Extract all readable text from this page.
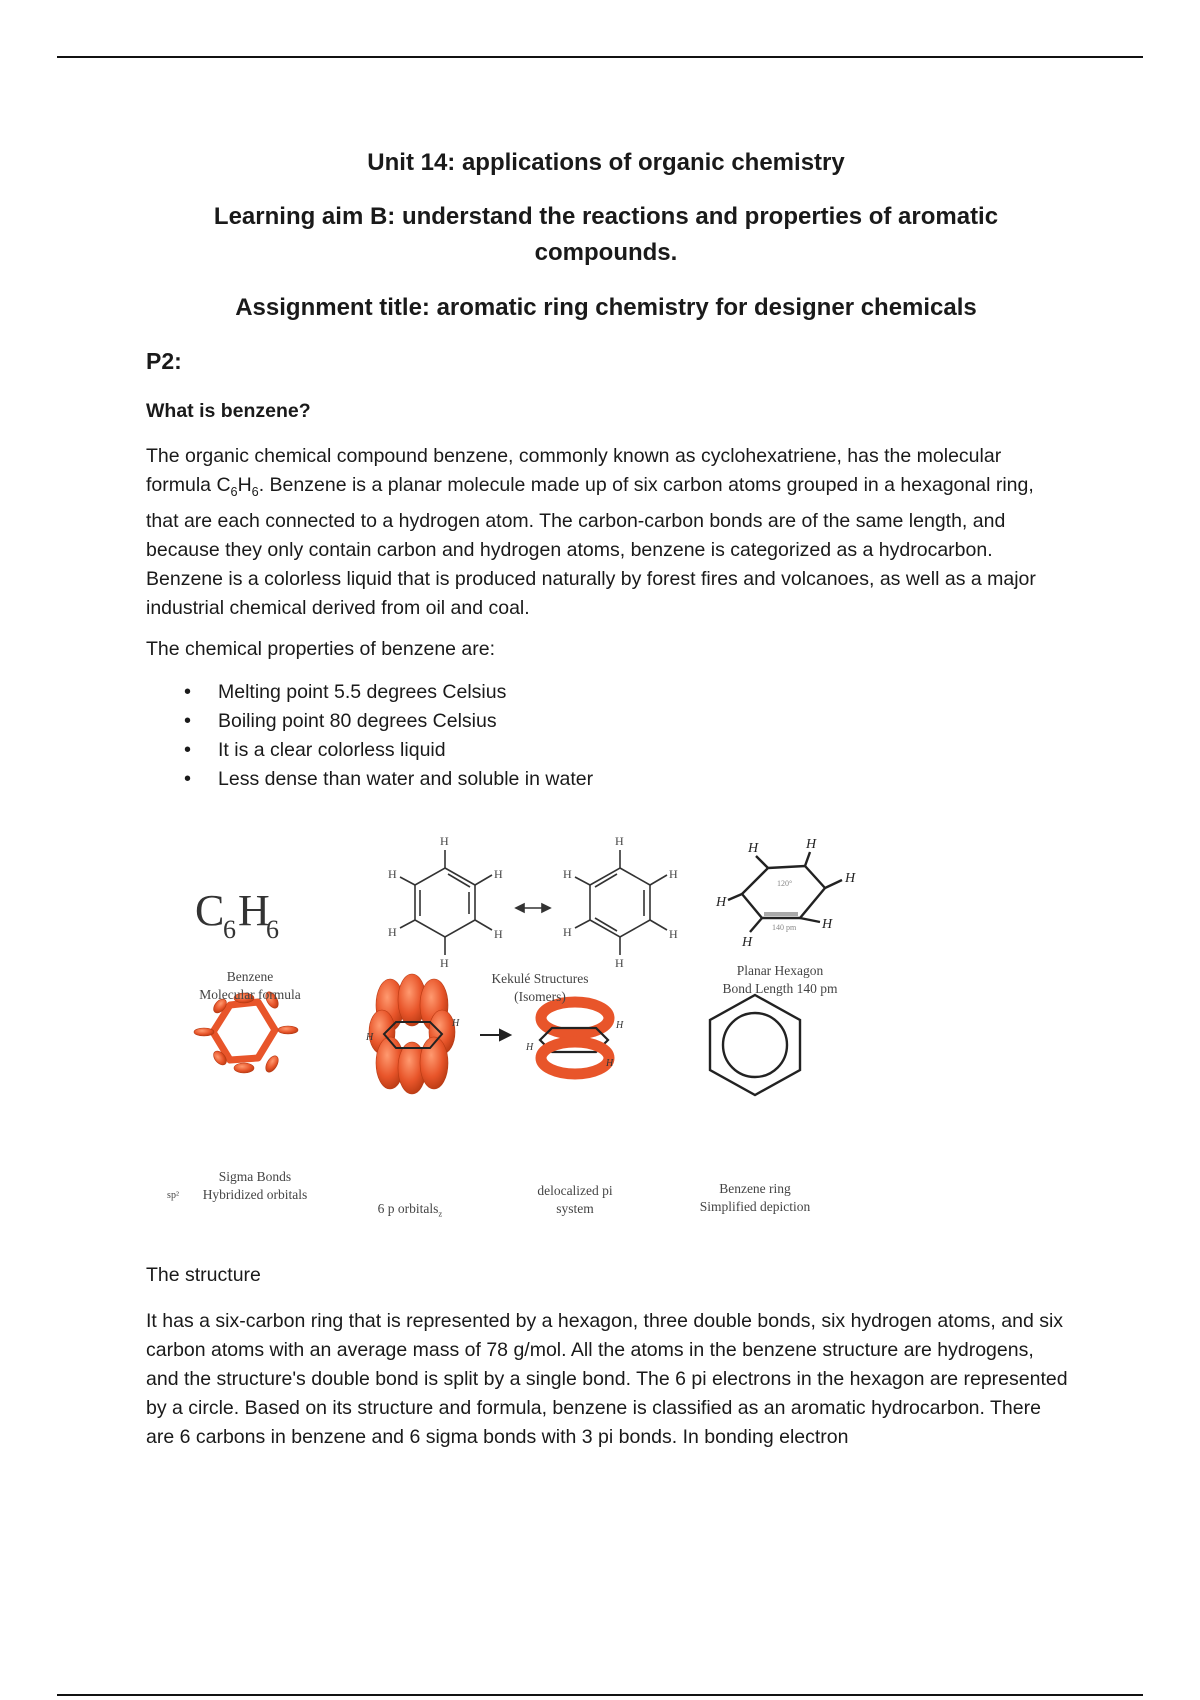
Unit 14: applications of organic chemistry
Learning aim B: understand the reactions and properties of aromatic
compounds.
Assignment title: aromatic ring chemistry for designer chemicals
P2:
What is benzene?

The organic chemical compound benzene, commonly known as cyclohexatriene, has the molecular formula $C_6H_6$. Benzene is a planar molecule made up of six carbon atoms grouped in a hexagonal ring, that are each connected to a hydrogen atom. The carbon-carbon bonds are of the same length, and because they only contain carbon and hydrogen atoms, benzene is categorized as a hydrocarbon. Benzene is a colorless liquid that is produced naturally by forest fires and volcanoes, as well as a major industrial chemical derived from oil and coal.

The chemical properties of benzene are:
• Melting point 5.5 degrees Celsius
• Boiling point 80 degrees Celsius
• It is a clear colorless liquid
• Less dense than water and soluble in water
The structure

It has a six-carbon ring that is represented by a hexagon, three double bonds, six hydrogen atoms, and six carbon atoms with an average mass of 78 g/mol. All the atoms in the benzene structure are hydrogens, and the structure's double bond is split by a single bond. The 6 pi electrons in the hexagon are represented by a circle. Based on its structure and formula, benzene is classified as an aromatic hydrocarbon. There are 6 carbons in benzene and 6 sigma bonds with 3 pi bonds. In bonding electron

C
6 H
6
H
H
H
H
H
H
H
H
H
H
H
H
H	H
H
H
H
H
120°
140 pm
H
H
H
H
H
Benzene
Molecular formula
Kekulé Structures
(Isomers)
Planar Hexagon
Bond Length 140 pm
Sigma Bonds
Hybridized orbitals
sp²
6 p orbitals$_z$
delocalized pi
system
Benzene ring
Simplified depiction
